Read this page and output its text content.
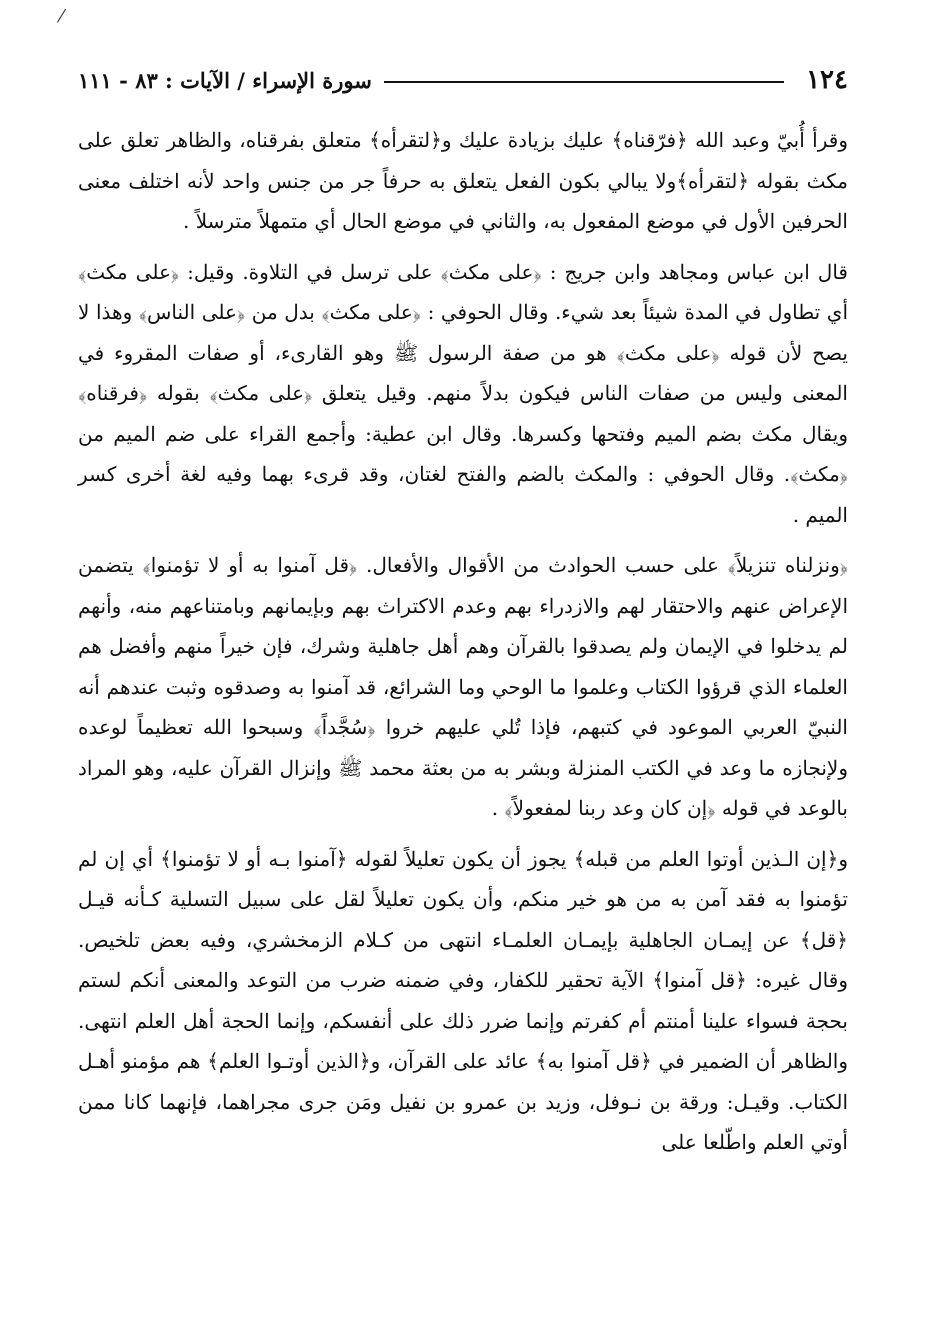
⁄
١٢٤
سورة الإسراء / الآيات : ٨٣ - ١١١

وقرأ أُبيّ وعبد الله ﴿فرّقناه﴾ عليك بزيادة عليك و﴿لتقرأه﴾ متعلق بفرقناه، والظاهر تعلق على مكث بقوله ﴿لتقرأه﴾ولا يبالي بكون الفعل يتعلق به حرفاً جر من جنس واحد لأنه اختلف معنى الحرفين الأول في موضع المفعول به، والثاني في موضع الحال أي متمهلاً مترسلاً .

قال ابن عباس ومجاهد وابن جريج : ﴿على مكث﴾ على ترسل في التلاوة. وقيل: ﴿على مكث﴾ أي تطاول في المدة شيئاً بعد شيء. وقال الحوفي : ﴿على مكث﴾ بدل من ﴿على الناس﴾ وهذا لا يصح لأن قوله ﴿على مكث﴾ هو من صفة الرسول ﷺ وهو القارىء، أو صفات المقروء في المعنى وليس من صفات الناس فيكون بدلاً منهم. وقيل يتعلق ﴿على مكث﴾ بقوله ﴿فرقناه﴾ ويقال مكث بضم الميم وفتحها وكسرها. وقال ابن عطية: وأجمع القراء على ضم الميم من ﴿مكث﴾. وقال الحوفي : والمكث بالضم والفتح لغتان، وقد قرىء بهما وفيه لغة أخرى كسر الميم .

﴿ونزلناه تنزيلاً﴾ على حسب الحوادث من الأقوال والأفعال. ﴿قل آمنوا به أو لا تؤمنوا﴾ يتضمن الإعراض عنهم والاحتقار لهم والازدراء بهم وعدم الاكتراث بهم وبإيمانهم وبامتناعهم منه، وأنهم لم يدخلوا في الإيمان ولم يصدقوا بالقرآن وهم أهل جاهلية وشرك، فإن خيراً منهم وأفضل هم العلماء الذي قرؤوا الكتاب وعلموا ما الوحي وما الشرائع، قد آمنوا به وصدقوه وثبت عندهم أنه النبيّ العربي الموعود في كتبهم، فإذا تُلي عليهم خروا ﴿سُجَّداً﴾ وسبحوا الله تعظيماً لوعده ولإنجازه ما وعد في الكتب المنزلة وبشر به من بعثة محمد ﷺ وإنزال القرآن عليه، وهو المراد بالوعد في قوله ﴿إن كان وعد ربنا لمفعولاً﴾ .

و﴿إن الـذين أوتوا العلم من قبله﴾ يجوز أن يكون تعليلاً لقوله ﴿آمنوا بـه أو لا تؤمنوا﴾ أي إن لم تؤمنوا به فقد آمن به من هو خير منكم، وأن يكون تعليلاً لقل على سبيل التسلية كـأنه قيـل ﴿قل﴾ عن إيمـان الجاهلية بإيمـان العلمـاء انتهى من كـلام الزمخشري، وفيه بعض تلخيص. وقال غيره: ﴿قل آمنوا﴾ الآية تحقير للكفار، وفي ضمنه ضرب من التوعد والمعنى أنكم لستم بحجة فسواء علينا أمنتم أم كفرتم وإنما ضرر ذلك على أنفسكم، وإنما الحجة أهل العلم انتهى. والظاهر أن الضمير في ﴿قل آمنوا به﴾ عائد على القرآن، و﴿الذين أوتـوا العلم﴾ هم مؤمنو أهـل الكتاب. وقيـل: ورقة بن نـوفل، وزيد بن عمرو بن نفيل ومَن جرى مجراهما، فإنهما كانا ممن أوتي العلم واطّلعا على
